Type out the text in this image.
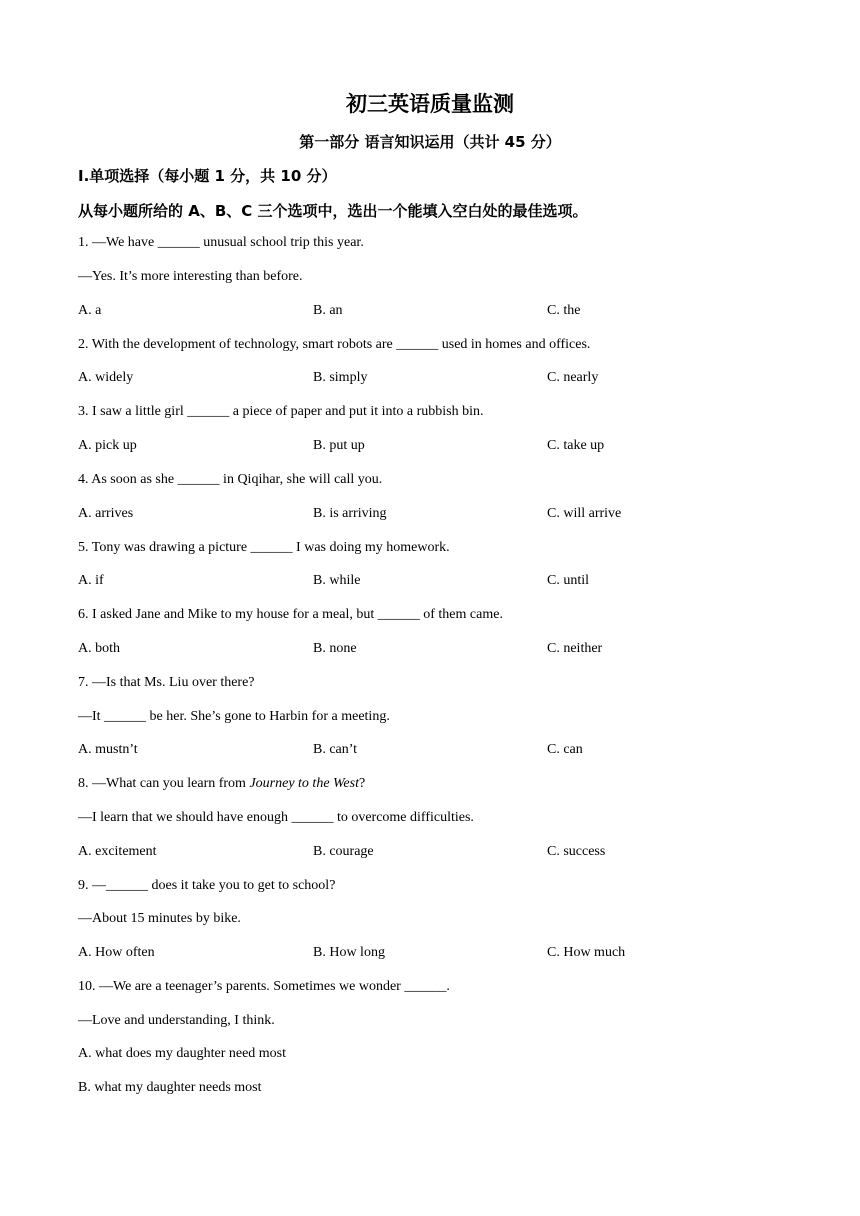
初三英语质量监测
第一部分 语言知识运用（共计 45 分）
Ⅰ.单项选择（每小题 1 分，共 10 分）
从每小题所给的 A、B、C 三个选项中，选出一个能填入空白处的最佳选项。
1. —We have ______ unusual school trip this year.
—Yes. It’s more interesting than before.
A. a	B. an	C. the
2. With the development of technology, smart robots are ______ used in homes and offices.
A. widely	B. simply	C. nearly
3. I saw a little girl ______ a piece of paper and put it into a rubbish bin.
A. pick up	B. put up	C. take up
4. As soon as she ______ in Qiqihar, she will call you.
A. arrives	B. is arriving	C. will arrive
5. Tony was drawing a picture ______ I was doing my homework.
A. if	B. while	C. until
6. I asked Jane and Mike to my house for a meal, but ______ of them came.
A. both	B. none	C. neither
7. —Is that Ms. Liu over there?
—It ______ be her. She’s gone to Harbin for a meeting.
A. mustn’t	B. can’t	C. can
8. —What can you learn from Journey to the West?
—I learn that we should have enough ______ to overcome difficulties.
A. excitement	B. courage	C. success
9. —______ does it take you to get to school?
—About 15 minutes by bike.
A. How often	B. How long	C. How much
10. —We are a teenager’s parents. Sometimes we wonder ______.
—Love and understanding, I think.
A. what does my daughter need most
B. what my daughter needs most
